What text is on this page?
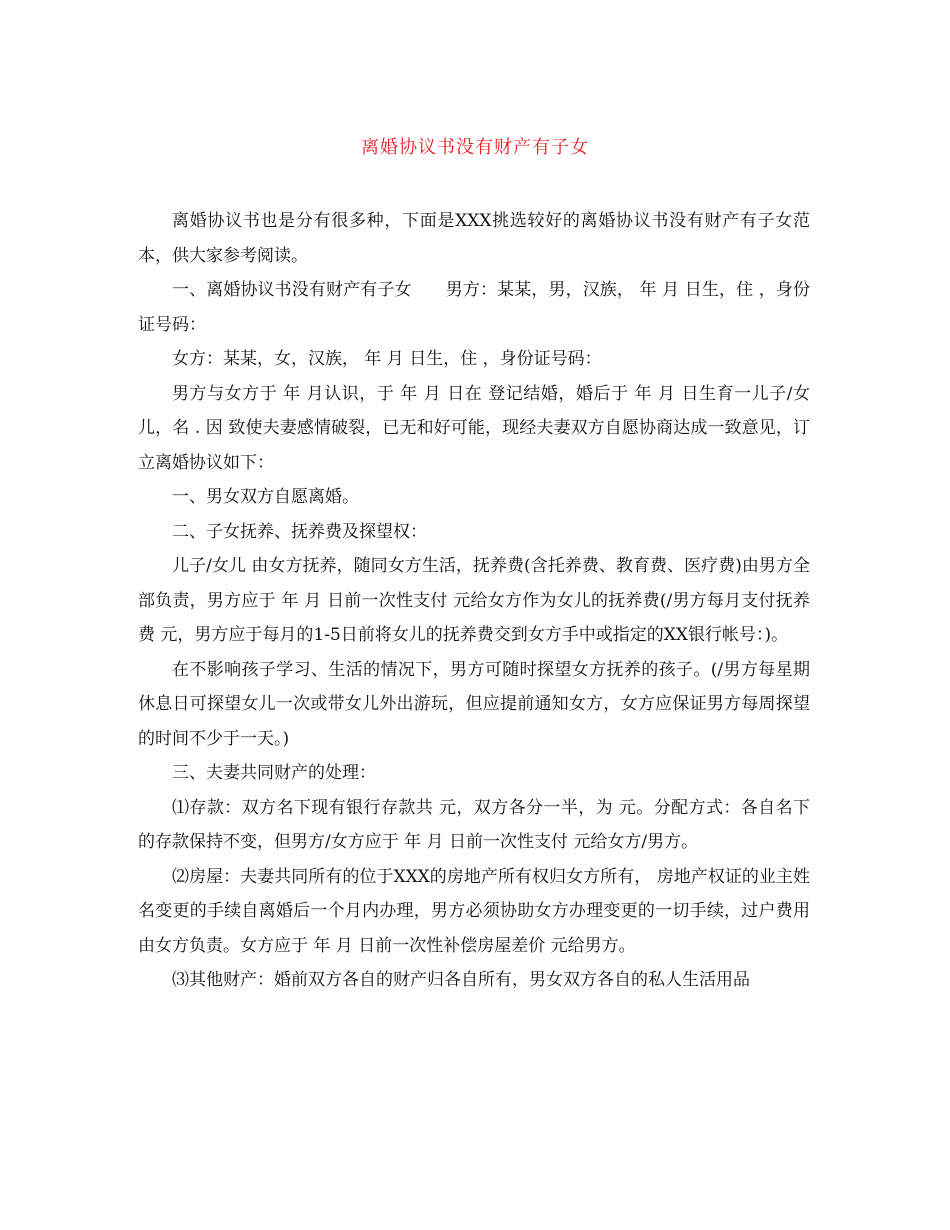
离婚协议书没有财产有子女

离婚协议书也是分有很多种，下面是XXX挑选较好的离婚协议书没有财产有子女范本，供大家参考阅读。

一、离婚协议书没有财产有子女　　男方：某某，男，汉族， 年 月 日生，住 ，身份证号码：

女方：某某，女，汉族， 年 月 日生，住 ，身份证号码：

男方与女方于 年 月认识，于 年 月 日在 登记结婚，婚后于 年 月 日生育一儿子/女儿，名 . 因 致使夫妻感情破裂，已无和好可能，现经夫妻双方自愿协商达成一致意见，订立离婚协议如下：

一、男女双方自愿离婚。

二、子女抚养、抚养费及探望权：

儿子/女儿 由女方抚养，随同女方生活，抚养费(含托养费、教育费、医疗费)由男方全部负责，男方应于 年 月 日前一次性支付 元给女方作为女儿的抚养费(/男方每月支付抚养费 元，男方应于每月的1-5日前将女儿的抚养费交到女方手中或指定的XX银行帐号：)。

在不影响孩子学习、生活的情况下，男方可随时探望女方抚养的孩子。(/男方每星期休息日可探望女儿一次或带女儿外出游玩，但应提前通知女方，女方应保证男方每周探望的时间不少于一天。)

三、夫妻共同财产的处理：

⑴存款：双方名下现有银行存款共 元，双方各分一半，为 元。分配方式：各自名下的存款保持不变，但男方/女方应于 年 月 日前一次性支付 元给女方/男方。

⑵房屋：夫妻共同所有的位于XXX的房地产所有权归女方所有， 房地产权证的业主姓名变更的手续自离婚后一个月内办理，男方必须协助女方办理变更的一切手续，过户费用由女方负责。女方应于 年 月 日前一次性补偿房屋差价 元给男方。

⑶其他财产：婚前双方各自的财产归各自所有，男女双方各自的私人生活用品
